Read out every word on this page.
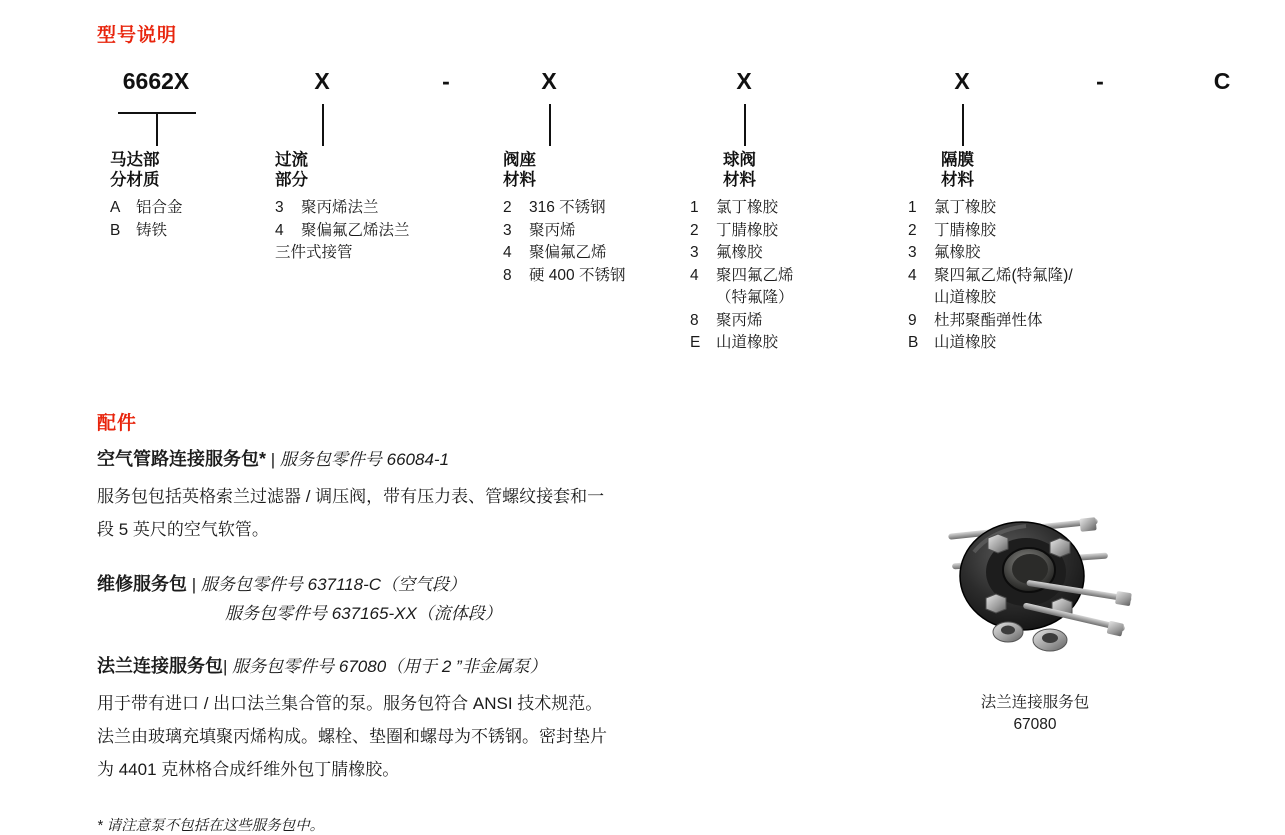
型号说明
6662X	X	-	X	X	X	-	C
马达部
分材质
A	铝合金
B	铸铁
过流
部分
3	聚丙烯法兰
4	聚偏氟乙烯法兰
三件式接管
阀座
材料
2	316 不锈钢
3	聚丙烯
4	聚偏氟乙烯
8	硬 400 不锈钢
球阀
材料
1	氯丁橡胶
2	丁腈橡胶
3	氟橡胶
4	聚四氟乙烯
（特氟隆）
8	聚丙烯
E	山道橡胶
隔膜
材料
1	氯丁橡胶
2	丁腈橡胶
3	氟橡胶
4	聚四氟乙烯(特氟隆)/
山道橡胶
9	杜邦聚酯弹性体
B	山道橡胶
配件
空气管路连接服务包* | 服务包零件号 66084-1
服务包包括英格索兰过滤器 / 调压阀，带有压力表、管螺纹接套和一
段 5 英尺的空气软管。
维修服务包 | 服务包零件号 637118-C（空气段）
服务包零件号 637165-XX（流体段）
法兰连接服务包| 服务包零件号 67080（用于 2 ”非金属泵）
用于带有进口 / 出口法兰集合管的泵。服务包符合 ANSI 技术规范。
法兰由玻璃充填聚丙烯构成。螺栓、垫圈和螺母为不锈钢。密封垫片
为 4401 克林格合成纤维外包丁腈橡胶。
* 请注意泵不包括在这些服务包中。
法兰连接服务包
67080
